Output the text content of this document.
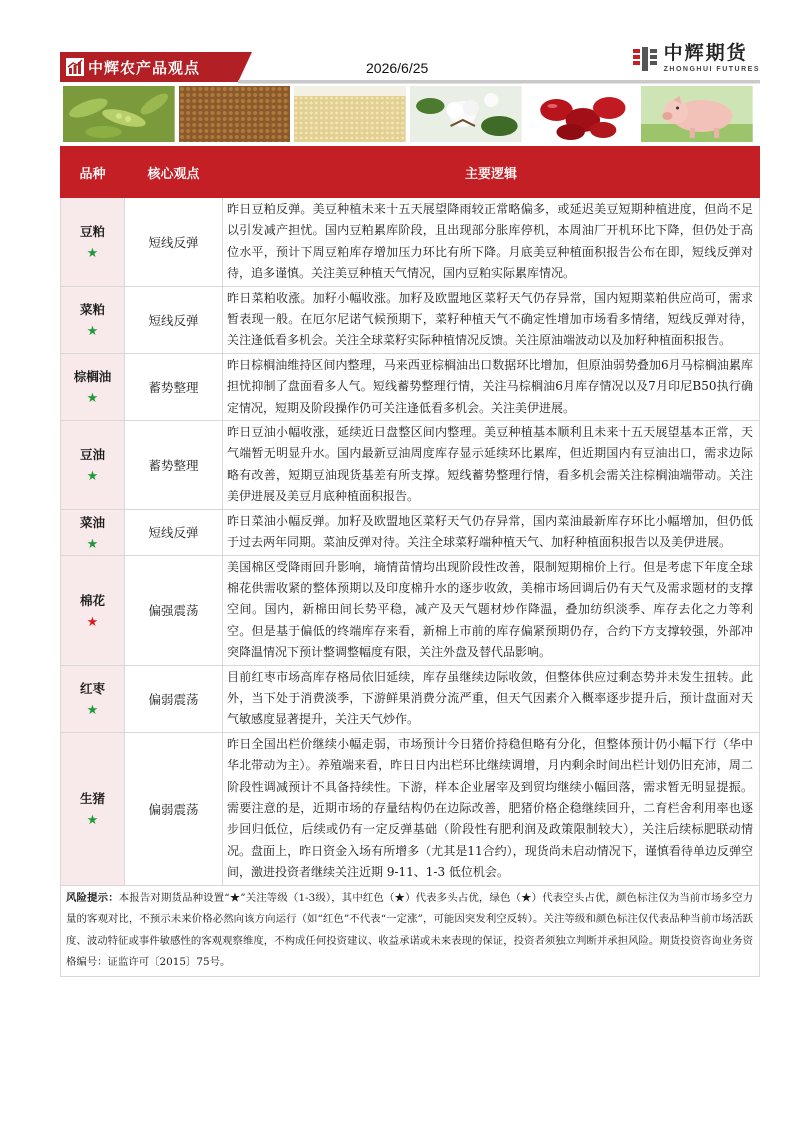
中辉农产品观点	2026/6/25
中辉期货
ZHONGHUI FUTURES
品种	核心观点	主要逻辑

豆粕
★	短线反弹	昨日豆粕反弹。美豆种植未来十五天展望降雨较正常略偏多，或延迟美豆短期种植进度，但尚不足以引发减产担忧。国内豆粕累库阶段，且出现部分胀库停机，本周油厂开机环比下降，但仍处于高位水平，预计下周豆粕库存增加压力环比有所下降。月底美豆种植面积报告公布在即，短线反弹对待，追多谨慎。关注美豆种植天气情况，国内豆粕实际累库情况。

菜粕
★	短线反弹	昨日菜粕收涨。加籽小幅收涨。加籽及欧盟地区菜籽天气仍存异常，国内短期菜粕供应尚可，需求暂表现一般。在厄尔尼诺气候预期下，菜籽种植天气不确定性增加市场看多情绪，短线反弹对待，关注逢低看多机会。关注全球菜籽实际种植情况反馈。关注原油端波动以及加籽种植面积报告。

棕榈油
★	蓄势整理	昨日棕榈油维持区间内整理，马来西亚棕榈油出口数据环比增加，但原油弱势叠加6月马棕榈油累库担忧抑制了盘面看多人气。短线蓄势整理行情，关注马棕榈油6月库存情况以及7月印尼B50执行确定情况，短期及阶段操作仍可关注逢低看多机会。关注美伊进展。

豆油
★	蓄势整理	昨日豆油小幅收涨，延续近日盘整区间内整理。美豆种植基本顺利且未来十五天展望基本正常，天气端暂无明显升水。国内最新豆油周度库存显示延续环比累库，但近期国内有豆油出口，需求边际略有改善，短期豆油现货基差有所支撑。短线蓄势整理行情，看多机会需关注棕榈油端带动。关注美伊进展及美豆月底种植面积报告。

菜油
★	短线反弹	昨日菜油小幅反弹。加籽及欧盟地区菜籽天气仍存异常，国内菜油最新库存环比小幅增加，但仍低于过去两年同期。菜油反弹对待。关注全球菜籽端种植天气、加籽种植面积报告以及美伊进展。

棉花
★	偏强震荡	美国棉区受降雨回升影响，墒情苗情均出现阶段性改善，限制短期棉价上行。但是考虑下年度全球棉花供需收紧的整体预期以及印度棉升水的逐步收敛，美棉市场回调后仍有天气及需求题材的支撑空间。国内，新棉田间长势平稳，减产及天气题材炒作降温，叠加纺织淡季、库存去化之力等利空。但是基于偏低的终端库存来看，新棉上市前的库存偏紧预期仍存，合约下方支撑较强，外部冲突降温情况下预计整调整幅度有限，关注外盘及替代品影响。

红枣
★	偏弱震荡	目前红枣市场高库存格局依旧延续，库存虽继续边际收敛，但整体供应过剩态势并未发生扭转。此外，当下处于消费淡季，下游鲜果消费分流严重，但天气因素介入概率逐步提升后，预计盘面对天气敏感度显著提升，关注天气炒作。

生猪
★	偏弱震荡	昨日全国出栏价继续小幅走弱，市场预计今日猪价持稳但略有分化，但整体预计仍小幅下行（华中华北带动为主）。养殖端来看，昨日日内出栏环比继续调增，月内剩余时间出栏计划仍旧充沛，周二阶段性调减预计不具备持续性。下游，样本企业屠宰及到贸均继续小幅回落，需求暂无明显提振。需要注意的是，近期市场的存量结构仍在边际改善，肥猪价格企稳继续回升，二育栏舍利用率也逐步回归低位，后续或仍有一定反弹基础（阶段性有肥利润及政策限制较大），关注后续标肥联动情况。盘面上，昨日资金入场有所增多（尤其是11合约），现货尚未启动情况下，谨慎看待单边反弹空间，激进投资者继续关注近期 9-11、1-3 低位机会。
风险提示：本报告对期货品种设置“★”关注等级（1-3级），其中红色（★）代表多头占优，绿色（★）代表空头占优，颜色标注仅为当前市场多空力量的客观对比，不预示未来价格必然向该方向运行（如“红色”不代表“一定涨”，可能因突发利空反转）。关注等级和颜色标注仅代表品种当前市场活跃度、波动特征或事件敏感性的客观观察维度，不构成任何投资建议、收益承诺或未来表现的保证，投资者须独立判断并承担风险。期货投资咨询业务资格编号：证监许可〔2015〕75号。
